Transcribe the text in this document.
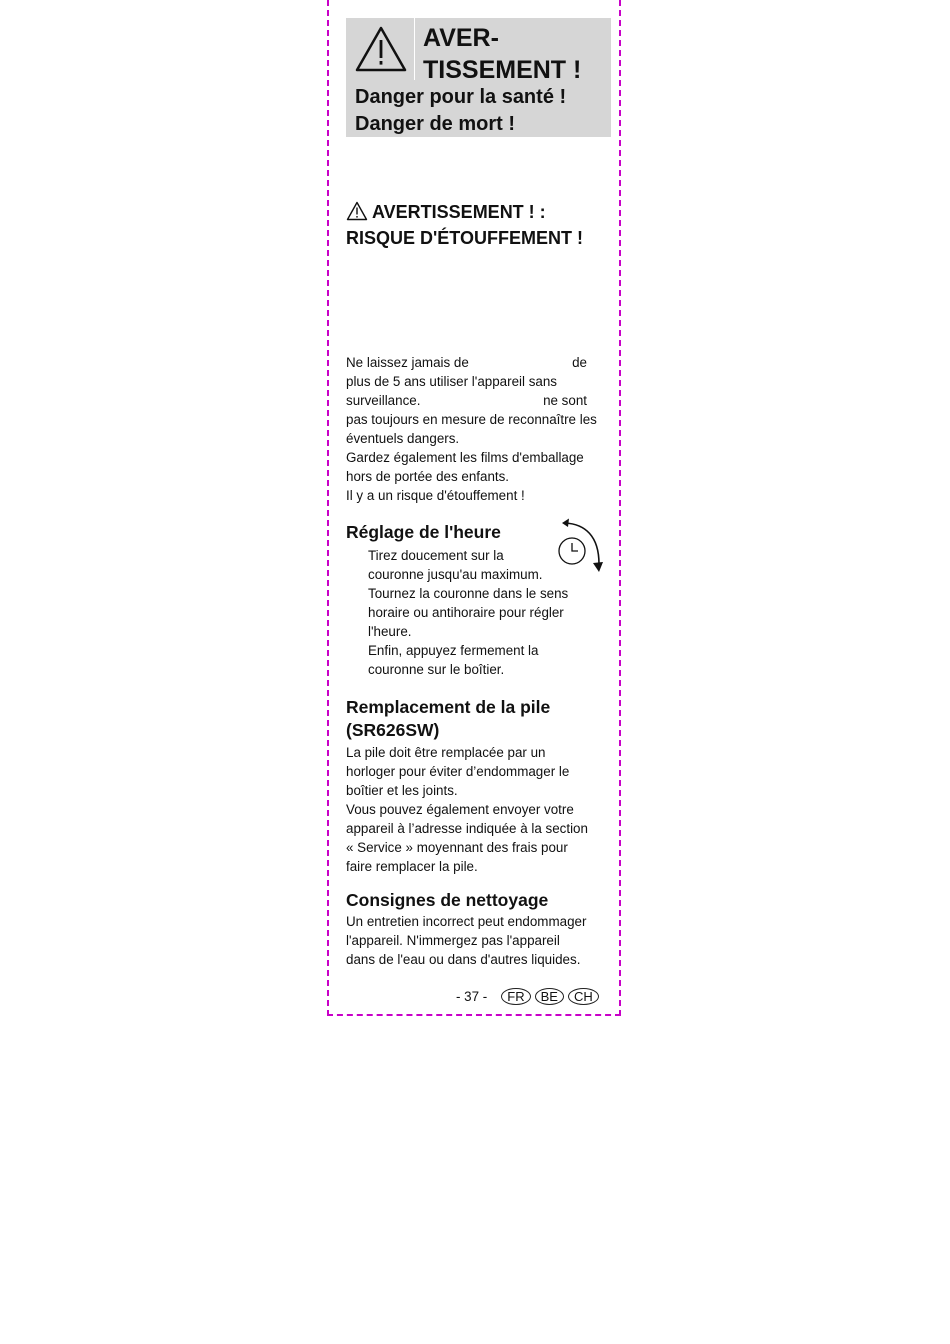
AVER-
TISSEMENT !
Danger pour la santé !
Danger de mort !
AVERTISSEMENT ! :
RISQUE D'ÉTOUFFEMENT !
Ne laissez jamais de	de
plus de 5 ans utiliser l'appareil sans
surveillance.	ne sont
pas toujours en mesure de reconnaître les
éventuels dangers.
Gardez également les films d'emballage
hors de portée des enfants.
Il y a un risque d'étouffement !
Réglage de l'heure
Tirez doucement sur la
couronne jusqu'au maximum.
Tournez la couronne dans le sens
horaire ou antihoraire pour régler
l'heure.
Enfin, appuyez fermement la
couronne sur le boîtier.
Remplacement de la pile
(SR626SW)
La pile doit être remplacée par un
horloger pour éviter d’endommager le
boîtier et les joints.
Vous pouvez également envoyer votre
appareil à l’adresse indiquée à la section
« Service » moyennant des frais pour
faire remplacer la pile.
Consignes de nettoyage
Un entretien incorrect peut endommager
l'appareil. N'immergez pas l'appareil
dans de l'eau ou dans d'autres liquides.
- 37 -	FR	BE	CH
